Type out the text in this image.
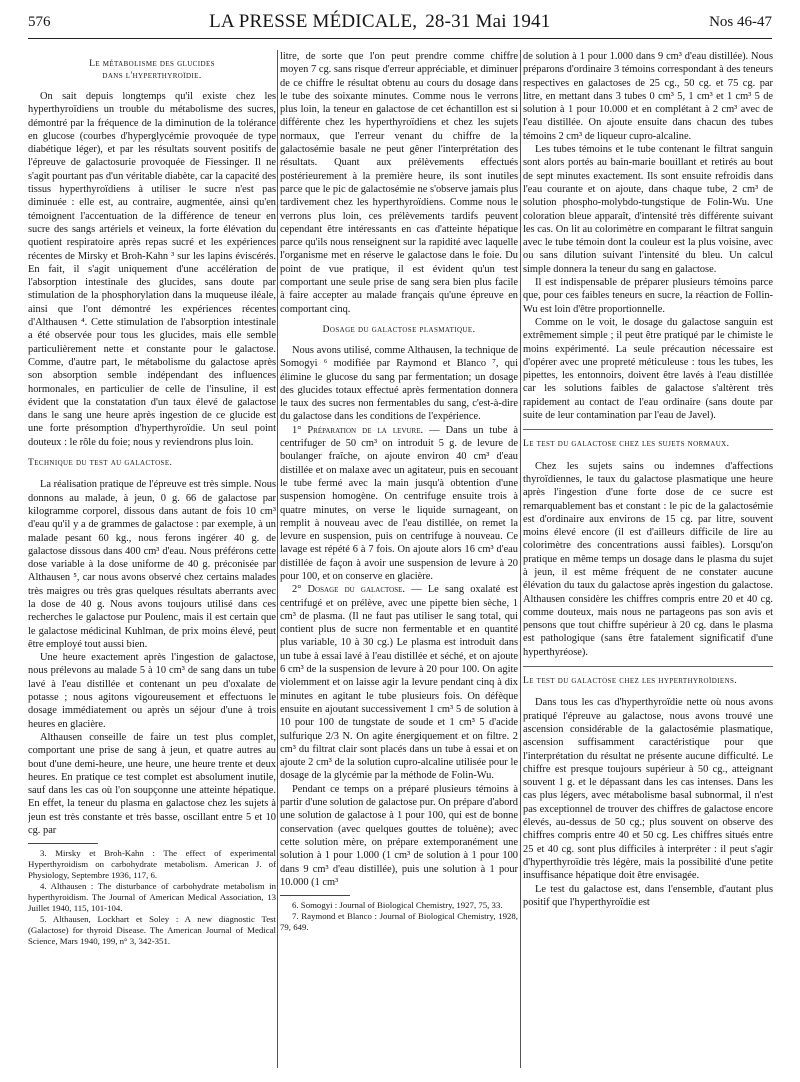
576	LA PRESSE MÉDICALE, 28-31 Mai 1941	Nos 46-47
Le métabolisme des glucides
dans l'hyperthyroïdie.

On sait depuis longtemps qu'il existe chez les hyperthyroïdiens un trouble du métabolisme des sucres, démontré par la fréquence de la diminution de la tolérance en glucose (courbes d'hyperglycémie provoquée de type diabétique léger), et par les résultats souvent positifs de l'épreuve de galactosurie provoquée de Fiessinger. Il ne s'agit pourtant pas d'un véritable diabète, car la capacité des tissus hyperthyroïdiens à utiliser le sucre n'est pas diminuée : elle est, au contraire, augmentée, ainsi qu'en témoignent l'accentuation de la différence de teneur en sucre des sangs artériels et veineux, la forte élévation du quotient respiratoire après repas sucré et les expériences récentes de Mirsky et Broh-Kahn ³ sur les lapins éviscérés. En fait, il s'agit uniquement d'une accélération de l'absorption intestinale des glucides, sans doute par stimulation de la phosphorylation dans la muqueuse iléale, ainsi que l'ont démontré les expériences récentes d'Althausen ⁴. Cette stimulation de l'absorption intestinale a été observée pour tous les glucides, mais elle semble particulièrement nette et constante pour le galactose. Comme, d'autre part, le métabolisme du galactose après son absorption semble indépendant des influences hormonales, en particulier de celle de l'insuline, il est évident que la constatation d'un taux élevé de galactose dans le sang une heure après ingestion de ce glucide est une forte présomption d'hyperthyroïdie. Un seul point douteux : le rôle du foie; nous y reviendrons plus loin.

Technique du test au galactose.

La réalisation pratique de l'épreuve est très simple. Nous donnons au malade, à jeun, 0 g. 66 de galactose par kilogramme corporel, dissous dans autant de fois 10 cm³ d'eau qu'il y a de grammes de galactose : par exemple, à un malade pesant 60 kg., nous ferons ingérer 40 g. de galactose dissous dans 400 cm³ d'eau. Nous préférons cette dose variable à la dose uniforme de 40 g. préconisée par Althausen ⁵, car nous avons observé chez certains malades très maigres ou très gras quelques résultats aberrants avec la dose de 40 g. Nous avons toujours utilisé dans ces recherches le galactose pur Poulenc, mais il est certain que le galactose médicinal Kuhlman, de prix moins élevé, peut être employé tout aussi bien.

Une heure exactement après l'ingestion de galactose, nous prélevons au malade 5 à 10 cm³ de sang dans un tube lavé à l'eau distillée et contenant un peu d'oxalate de potasse ; nous agitons vigoureusement et effectuons le dosage immédiatement ou après un séjour d'une à trois heures en glacière.

Althausen conseille de faire un test plus complet, comportant une prise de sang à jeun, et quatre autres au bout d'une demi-heure, une heure, une heure trente et deux heures. En pratique ce test complet est absolument inutile, sauf dans les cas où l'on soupçonne une atteinte hépatique. En effet, la teneur du plasma en galactose chez les sujets à jeun est très constante et très basse, oscillant entre 5 et 10 cg. par

3. Mirsky et Broh-Kahn : The effect of experimental Hyperthyroidism on carbohydrate metabolism. American J. of Physiology, Septembre 1936, 117, 6.

4. Althausen : The disturbance of carbohydrate metabolism in hyperthyroidism. The Journal of American Medical Association, 13 Juillet 1940, 115, 101-104.

5. Althausen, Lockhart et Soley : A new diagnostic Test (Galactose) for thyroid Disease. The American Journal of Medical Science, Mars 1940, 199, n° 3, 342-351.

litre, de sorte que l'on peut prendre comme chiffre moyen 7 cg. sans risque d'erreur appréciable, et diminuer de ce chiffre le résultat obtenu au cours du dosage dans le tube des soixante minutes. Comme nous le verrons plus loin, la teneur en galactose de cet échantillon est si différente chez les hyperthyroïdiens et chez les sujets normaux, que l'erreur venant du chiffre de la galactosémie basale ne peut gêner l'interprétation des résultats. Quant aux prélèvements effectués postérieurement à la première heure, ils sont inutiles parce que le pic de galactosémie ne s'observe jamais plus tardivement chez les hyperthyroïdiens. Comme nous le verrons plus loin, ces prélèvements tardifs peuvent cependant être intéressants en cas d'atteinte hépatique parce qu'ils nous renseignent sur la rapidité avec laquelle l'organisme met en réserve le galactose dans le foie. Du point de vue pratique, il est évident qu'un test comportant une seule prise de sang sera bien plus facile à faire accepter au malade français qu'une épreuve en comportant cinq.

Dosage du galactose plasmatique.

Nous avons utilisé, comme Althausen, la technique de Somogyi ⁶ modifiée par Raymond et Blanco ⁷, qui élimine le glucose du sang par fermentation; un dosage des glucides totaux effectué après fermentation donnera le taux des sucres non fermentables du sang, c'est-à-dire du galactose dans les conditions de l'expérience.

1° Préparation de la levure. — Dans un tube à centrifuger de 50 cm³ on introduit 5 g. de levure de boulanger fraîche, on ajoute environ 40 cm³ d'eau distillée et on malaxe avec un agitateur, puis en secouant le tube fermé avec la main jusqu'à obtention d'une suspension homogène. On centrifuge ensuite trois à quatre minutes, on verse le liquide surnageant, on remplit à nouveau avec de l'eau distillée, on remet la levure en suspension, puis on centrifuge à nouveau. Ce lavage est répété 6 à 7 fois. On ajoute alors 16 cm³ d'eau distillée de façon à avoir une suspension de levure à 20 pour 100, et on conserve en glacière.

2° Dosage du galactose. — Le sang oxalaté est centrifugé et on prélève, avec une pipette bien sèche, 1 cm³ de plasma. (Il ne faut pas utiliser le sang total, qui contient plus de sucre non fermentable et en quantité plus variable, 10 à 30 cg.) Le plasma est introduit dans un tube à essai lavé à l'eau distillée et séché, et on ajoute 6 cm³ de la suspension de levure à 20 pour 100. On agite violemment et on laisse agir la levure pendant cinq à dix minutes en agitant le tube plusieurs fois. On défèque ensuite en ajoutant successivement 1 cm³ 5 de solution à 10 pour 100 de tungstate de soude et 1 cm³ 5 d'acide sulfurique 2/3 N. On agite énergiquement et on filtre. 2 cm³ du filtrat clair sont placés dans un tube à essai et on ajoute 2 cm³ de la solution cupro-alcaline utilisée pour le dosage de la glycémie par la méthode de Folin-Wu.

Pendant ce temps on a préparé plusieurs témoins à partir d'une solution de galactose pur. On prépare d'abord une solution de galactose à 1 pour 100, qui est de bonne conservation (avec quelques gouttes de toluène); avec cette solution mère, on prépare extemporanément une solution à 1 pour 1.000 (1 cm³ de solution à 1 pour 100 dans 9 cm³ d'eau distillée), puis une solution à 1 pour 10.000 (1 cm³

6. Somogyi : Journal of Biological Chemistry, 1927, 75, 33.

7. Raymond et Blanco : Journal of Biological Chemistry, 1928, 79, 649.

de solution à 1 pour 1.000 dans 9 cm³ d'eau distillée). Nous préparons d'ordinaire 3 témoins correspondant à des teneurs respectives en galactoses de 25 cg., 50 cg. et 75 cg. par litre, en mettant dans 3 tubes 0 cm³ 5, 1 cm³ et 1 cm³ 5 de solution à 1 pour 10.000 et en complétant à 2 cm³ avec de l'eau distillée. On ajoute ensuite dans chacun des tubes témoins 2 cm³ de liqueur cupro-alcaline.

Les tubes témoins et le tube contenant le filtrat sanguin sont alors portés au bain-marie bouillant et retirés au bout de sept minutes exactement. Ils sont ensuite refroidis dans l'eau courante et on ajoute, dans chaque tube, 2 cm³ de solution phospho-molybdo-tungstique de Folin-Wu. Une coloration bleue apparaît, d'intensité très différente suivant les cas. On lit au colorimètre en comparant le filtrat sanguin avec le tube témoin dont la couleur est la plus voisine, avec ou sans dilution suivant l'intensité du bleu. Un calcul simple donnera la teneur du sang en galactose.

Il est indispensable de préparer plusieurs témoins parce que, pour ces faibles teneurs en sucre, la réaction de Follin-Wu est loin d'être proportionnelle.

Comme on le voit, le dosage du galactose sanguin est extrêmement simple ; il peut être pratiqué par le chimiste le moins expérimenté. La seule précaution nécessaire est d'opérer avec une propreté méticuleuse : tous les tubes, les pipettes, les entonnoirs, doivent être lavés à l'eau distillée car les solutions faibles de galactose s'altèrent très rapidement au contact de l'eau ordinaire (sans doute par suite de leur contamination par l'eau de Javel).

Le test du galactose chez les sujets normaux.

Chez les sujets sains ou indemnes d'affections thyroïdiennes, le taux du galactose plasmatique une heure après l'ingestion d'une forte dose de ce sucre est remarquablement bas et constant : le pic de la galactosémie est d'ordinaire aux environs de 15 cg. par litre, souvent moins élevé encore (il est d'ailleurs difficile de lire au colorimètre des concentrations aussi faibles). Lorsqu'on pratique en même temps un dosage dans le plasma du sujet à jeun, il est même fréquent de ne constater aucune élévation du taux du galactose après ingestion du galactose. Althausen considère les chiffres compris entre 20 et 40 cg. comme douteux, mais nous ne partageons pas son avis et pensons que tout chiffre supérieur à 20 cg. dans le plasma est pathologique (sans être fatalement significatif d'une hyperthyréose).

Le test du galactose chez les hyperthyroïdiens.

Dans tous les cas d'hyperthyroïdie nette où nous avons pratiqué l'épreuve au galactose, nous avons trouvé une ascension considérable de la galactosémie plasmatique, ascension suffisamment caractéristique pour que l'interprétation du résultat ne présente aucune difficulté. Le chiffre est presque toujours supérieur à 50 cg., atteignant souvent 1 g. et le dépassant dans les cas intenses. Dans les cas plus légers, avec métabolisme basal subnormal, il n'est pas exceptionnel de trouver des chiffres de galactose encore élevés, au-dessus de 50 cg.; plus souvent on observe des chiffres compris entre 40 et 50 cg. Les chiffres situés entre 25 et 40 cg. sont plus difficiles à interpréter : il peut s'agir d'hyperthyroïdie très légère, mais la possibilité d'une petite insuffisance hépatique doit être envisagée.

Le test du galactose est, dans l'ensemble, d'autant plus positif que l'hyperthyroïdie est
